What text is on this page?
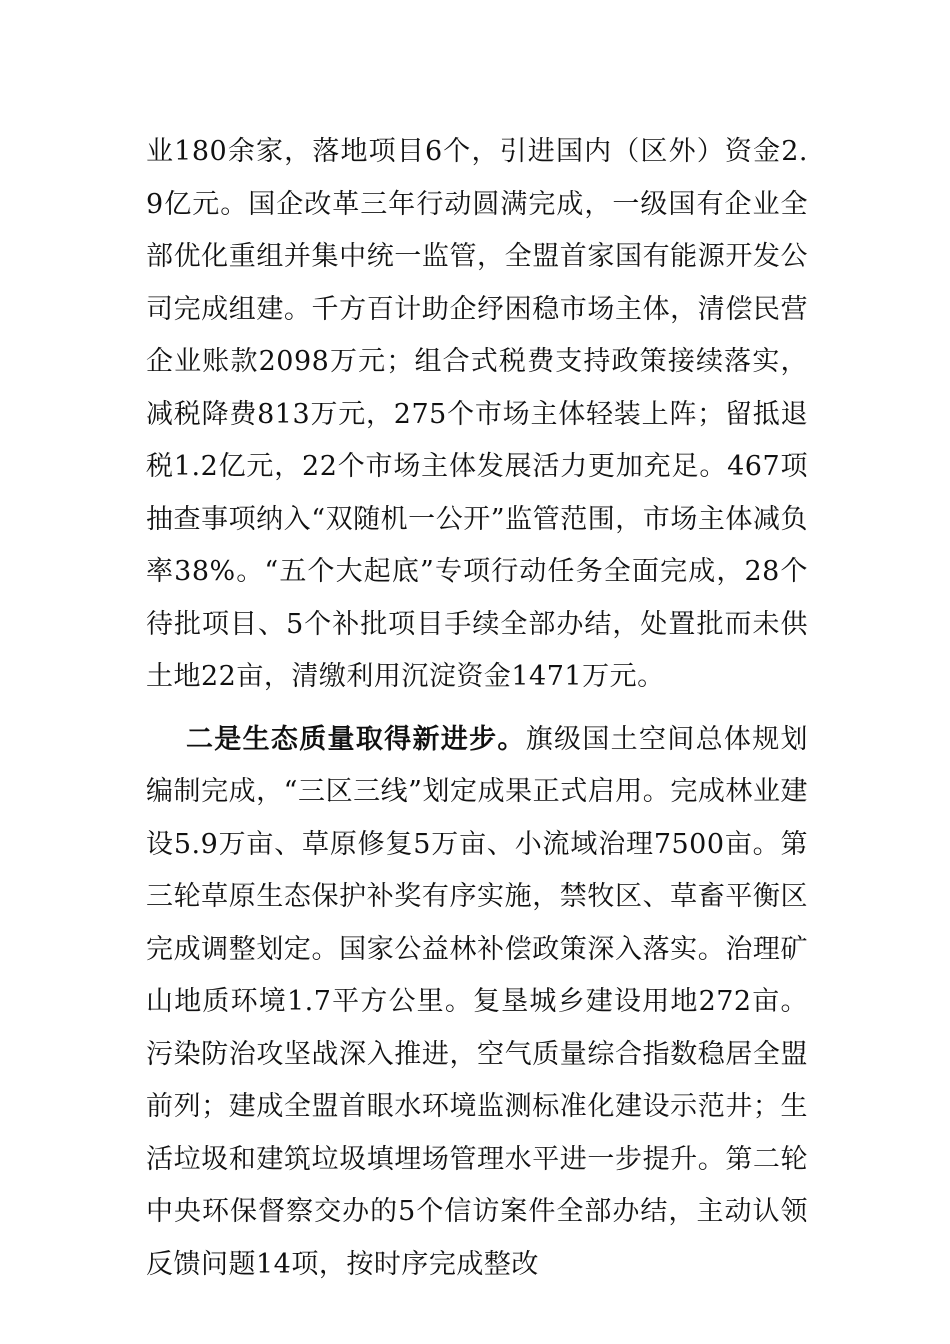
业180余家，落地项目6个，引进国内（区外）资金2.9亿元。国企改革三年行动圆满完成，一级国有企业全部优化重组并集中统一监管，全盟首家国有能源开发公司完成组建。千方百计助企纾困稳市场主体，清偿民营企业账款2098万元；组合式税费支持政策接续落实，减税降费813万元，275个市场主体轻装上阵；留抵退税1.2亿元，22个市场主体发展活力更加充足。467项抽查事项纳入“双随机一公开”监管范围，市场主体减负率38%。“五个大起底”专项行动任务全面完成，28个待批项目、5个补批项目手续全部办结，处置批而未供土地22亩，清缴利用沉淀资金1471万元。

二是生态质量取得新进步。旗级国土空间总体规划编制完成，“三区三线”划定成果正式启用。完成林业建设5.9万亩、草原修复5万亩、小流域治理7500亩。第三轮草原生态保护补奖有序实施，禁牧区、草畜平衡区完成调整划定。国家公益林补偿政策深入落实。治理矿山地质环境1.7平方公里。复垦城乡建设用地272亩。污染防治攻坚战深入推进，空气质量综合指数稳居全盟前列；建成全盟首眼水环境监测标准化建设示范井；生活垃圾和建筑垃圾填埋场管理水平进一步提升。第二轮中央环保督察交办的5个信访案件全部办结，主动认领反馈问题14项，按时序完成整改
